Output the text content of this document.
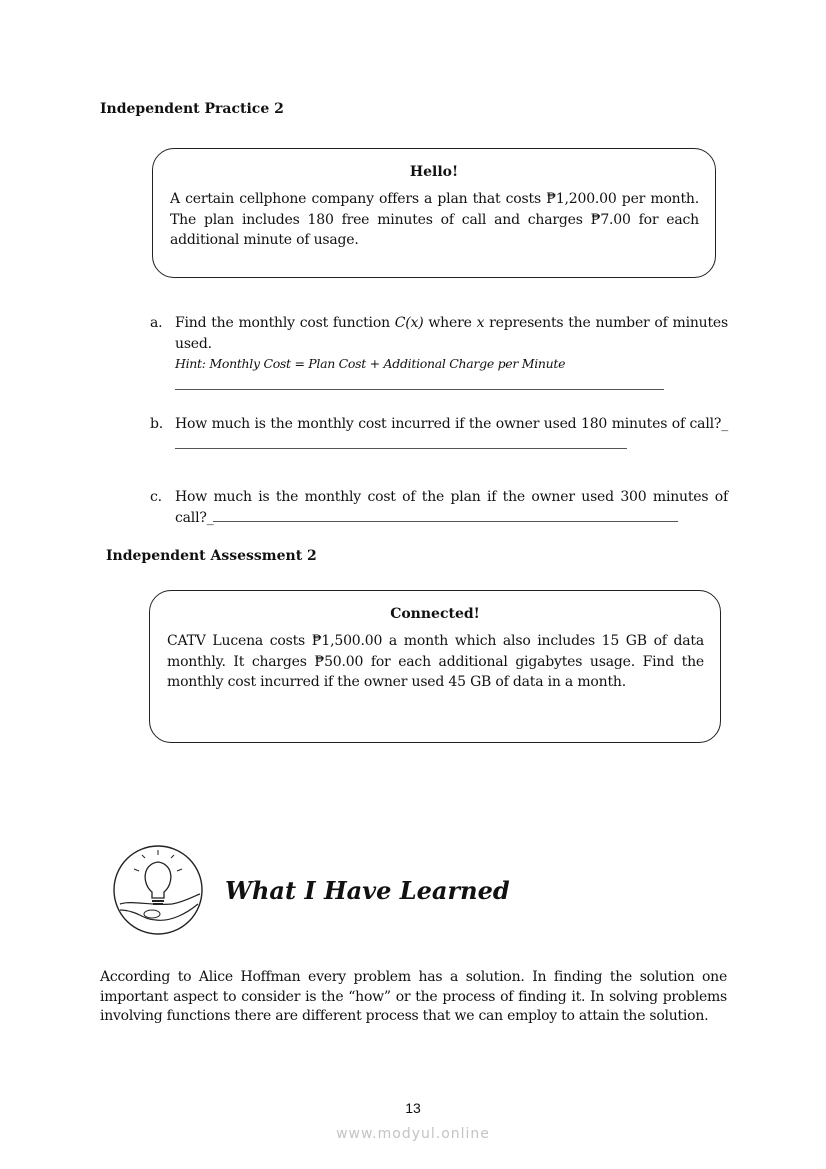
Independent Practice 2
Hello!
A certain cellphone company offers a plan that costs ₱1,200.00 per month. The plan includes 180 free minutes of call and charges ₱7.00 for each additional minute of usage.
a. Find the monthly cost function C(x) where x represents the number of minutes used.
Hint: Monthly Cost = Plan Cost + Additional Charge per Minute
b. How much is the monthly cost incurred if the owner used 180 minutes of call?_
c. How much is the monthly cost of the plan if the owner used 300 minutes of call?_
Independent Assessment 2
Connected!
CATV Lucena costs ₱1,500.00 a month which also includes 15 GB of data monthly. It charges ₱50.00 for each additional gigabytes usage. Find the monthly cost incurred if the owner used 45 GB of data in a month.
What I Have Learned
According to Alice Hoffman every problem has a solution. In finding the solution one important aspect to consider is the “how” or the process of finding it. In solving problems involving functions there are different process that we can employ to attain the solution.
13
www.modyul.online
